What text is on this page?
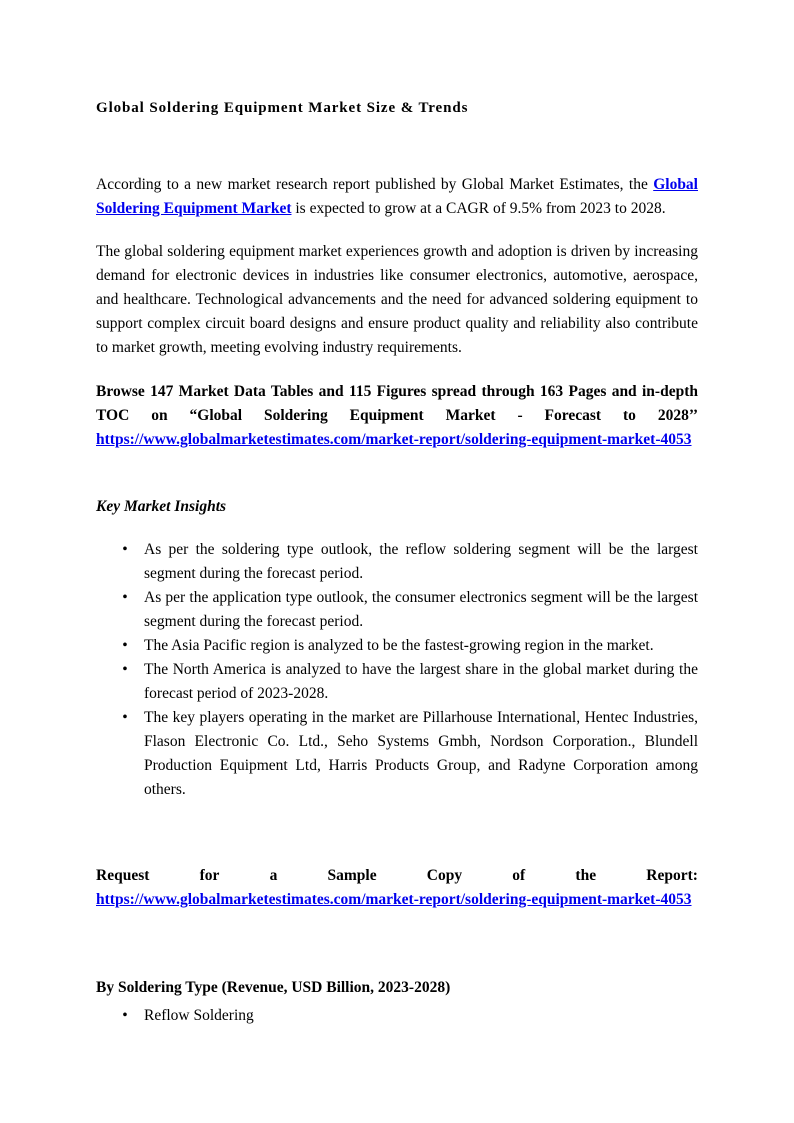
Global Soldering Equipment Market Size & Trends

According to a new market research report published by Global Market Estimates, the Global Soldering Equipment Market is expected to grow at a CAGR of 9.5% from 2023 to 2028.

The global soldering equipment market experiences growth and adoption is driven by increasing demand for electronic devices in industries like consumer electronics, automotive, aerospace, and healthcare. Technological advancements and the need for advanced soldering equipment to support complex circuit board designs and ensure product quality and reliability also contribute to market growth, meeting evolving industry requirements.

Browse 147 Market Data Tables and 115 Figures spread through 163 Pages and in-depth TOC on “Global Soldering Equipment Market - Forecast to 2028’’
https://www.globalmarketestimates.com/market-report/soldering-equipment-market-4053

Key Market Insights

• As per the soldering type outlook, the reflow soldering segment will be the largest segment during the forecast period.
• As per the application type outlook, the consumer electronics segment will be the largest segment during the forecast period.
• The Asia Pacific region is analyzed to be the fastest-growing region in the market.
• The North America is analyzed to have the largest share in the global market during the forecast period of 2023-2028.
• The key players operating in the market are Pillarhouse International, Hentec Industries, Flason Electronic Co. Ltd., Seho Systems Gmbh, Nordson Corporation., Blundell Production Equipment Ltd, Harris Products Group, and Radyne Corporation among others.
Request	for	a	Sample	Copy	of	the	Report:
https://www.globalmarketestimates.com/market-report/soldering-equipment-market-4053

By Soldering Type (Revenue, USD Billion, 2023-2028)

• Reflow Soldering
